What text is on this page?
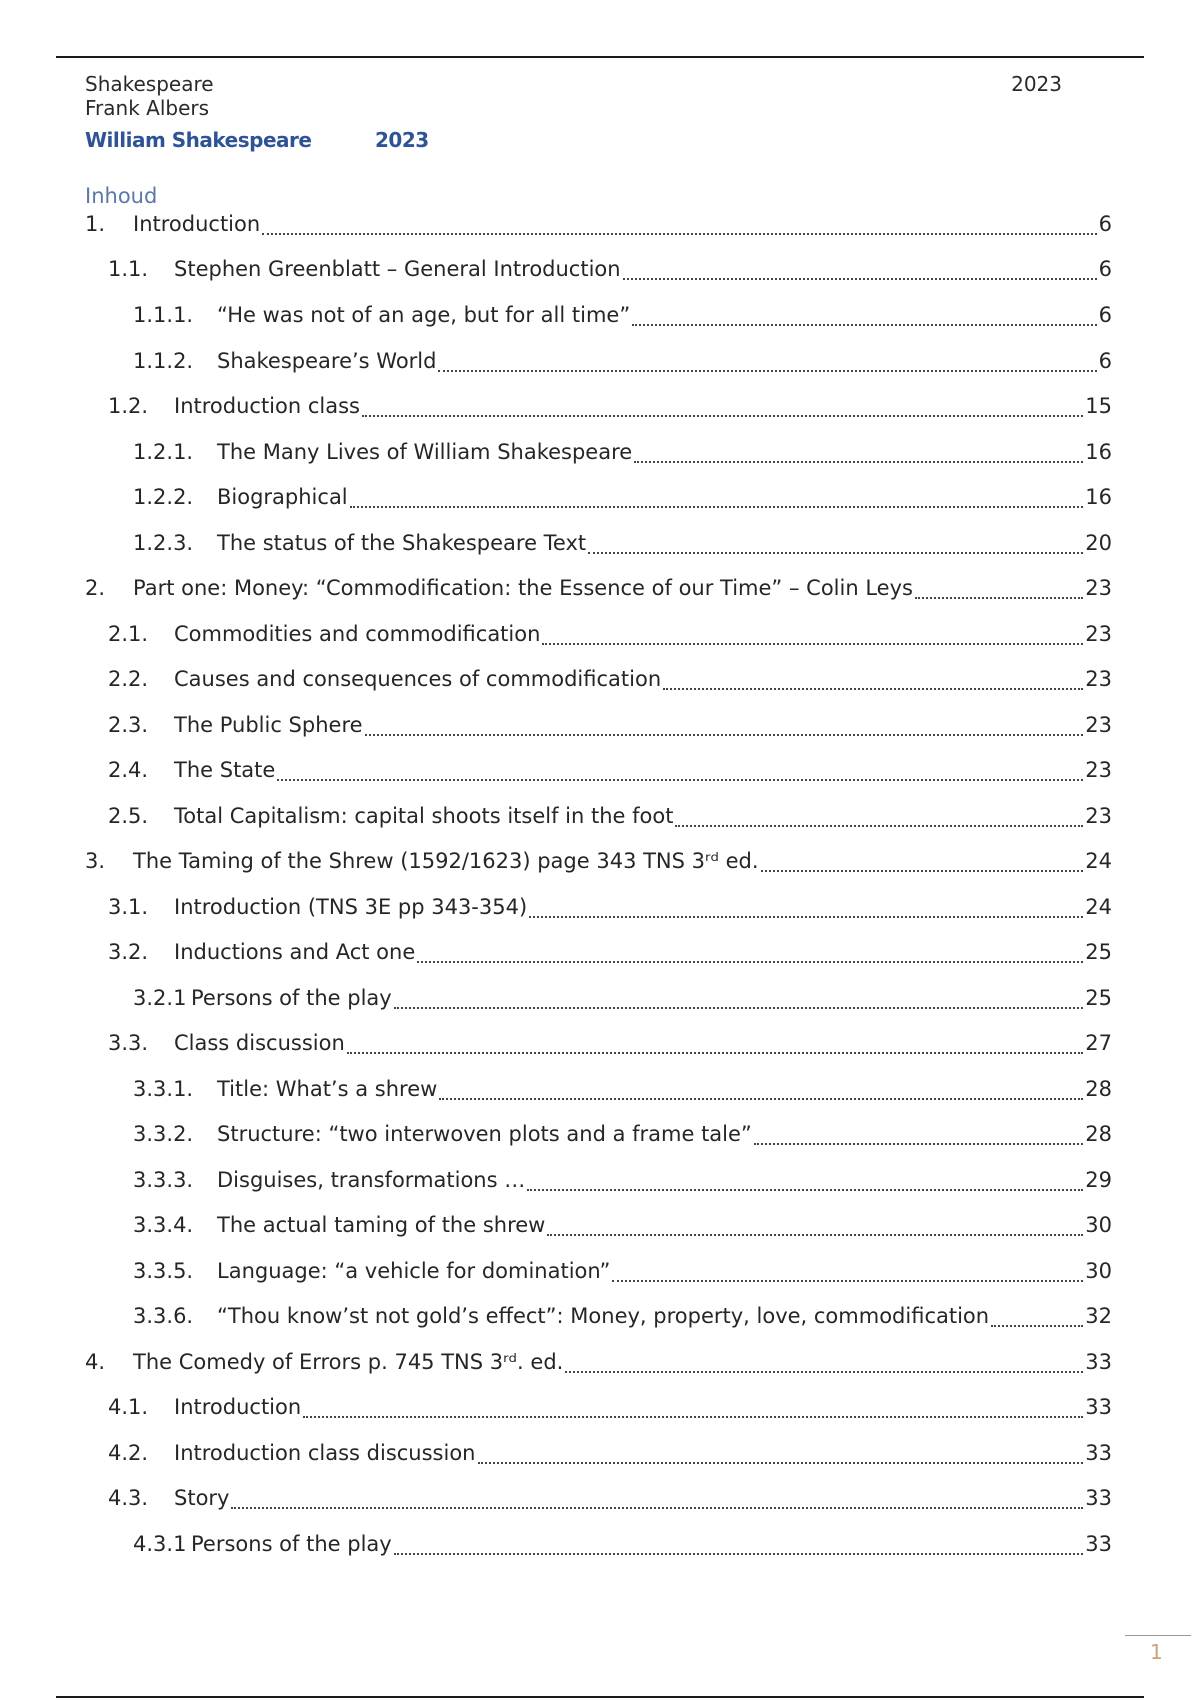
Shakespeare
Frank Albers
2023
William Shakespeare	2023
Inhoud
1.	Introduction	6
1.1.	Stephen Greenblatt – General Introduction	6
1.1.1.	“He was not of an age, but for all time”	6
1.1.2.	Shakespeare’s World	6
1.2.	Introduction class	15
1.2.1.	The Many Lives of William Shakespeare	16
1.2.2.	Biographical	16
1.2.3.	The status of the Shakespeare Text	20
2.	Part one: Money: “Commodification: the Essence of our Time” – Colin Leys	23
2.1.	Commodities and commodification	23
2.2.	Causes and consequences of commodification	23
2.3.	The Public Sphere	23
2.4.	The State	23
2.5.	Total Capitalism: capital shoots itself in the foot	23
3.	The Taming of the Shrew (1592/1623) page 343 TNS 3ʳᵈ ed.	24
3.1.	Introduction (TNS 3E pp 343-354)	24
3.2.	Inductions and Act one	25
3.2.1 Persons of the play	25
3.3.	Class discussion	27
3.3.1.	Title: What’s a shrew	28
3.3.2.	Structure: “two interwoven plots and a frame tale”	28
3.3.3.	Disguises, transformations …	29
3.3.4.	The actual taming of the shrew	30
3.3.5.	Language: “a vehicle for domination”	30
3.3.6.	“Thou know’st not gold’s effect”: Money, property, love, commodification	32
4.	The Comedy of Errors p. 745 TNS 3ʳᵈ. ed.	33
4.1.	Introduction	33
4.2.	Introduction class discussion	33
4.3.	Story	33
4.3.1 Persons of the play	33
1
